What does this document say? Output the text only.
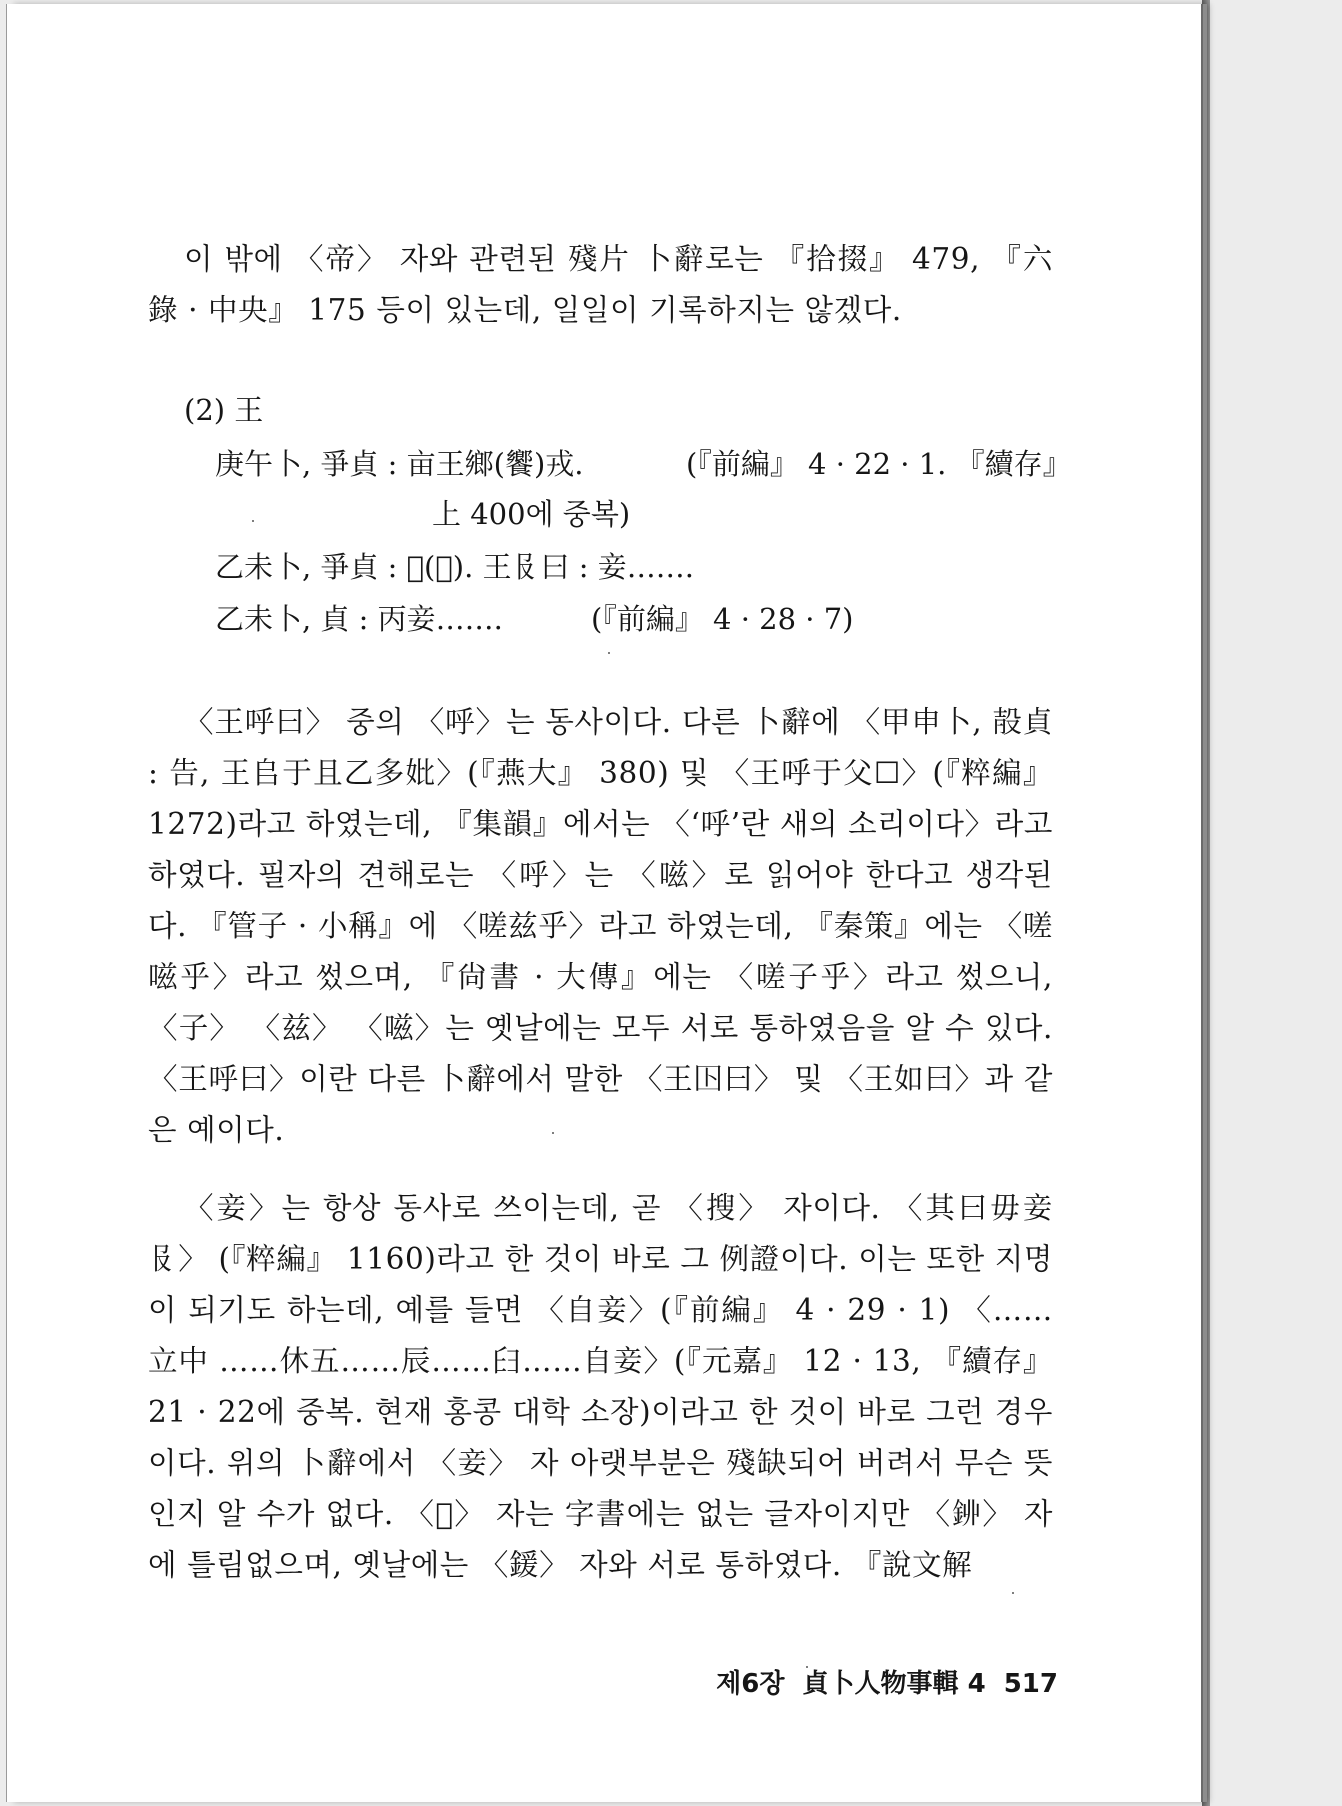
이 밖에 〈帝〉 자와 관련된 殘片 卜辭로는 『拾掇』 479, 『六錄 · 中央』 175 등이 있는데, 일일이 기록하지는 않겠다.

(2) 王

庚午卜, 爭貞 : 亩王鄉(饗)戎.	(『前編』 4 · 22 · 1. 『續存』
上 400에 중복)

乙未卜, 爭貞 : 𢺲(𢺲). 王𠬝曰 : 妾…….

乙未卜, 貞 : 丙妾…….	(『前編』 4 · 28 · 7)

〈王呼曰〉 중의 〈呼〉는 동사이다. 다른 卜辭에 〈甲申卜, 㱿貞 : 告, 王𠂤于且乙多妣〉(『燕大』 380) 및 〈王呼于父☐〉(『粹編』 1272)라고 하였는데, 『集韻』에서는 〈‘呼’란 새의 소리이다〉라고 하였다. 필자의 견해로는 〈呼〉는 〈嗞〉로 읽어야 한다고 생각된다. 『管子 · 小稱』에 〈嗟兹乎〉라고 하였는데, 『秦策』에는 〈嗟嗞乎〉라고 썼으며, 『尙書 · 大傳』에는 〈嗟子乎〉라고 썼으니, 〈子〉 〈兹〉 〈嗞〉는 옛날에는 모두 서로 통하였음을 알 수 있다. 〈王呼曰〉이란 다른 卜辭에서 말한 〈王𡆥曰〉 및 〈王如曰〉과 같은 예이다.

〈妾〉는 항상 동사로 쓰이는데, 곧 〈搜〉 자이다. 〈其曰毋妾𠬝〉 (『粹編』 1160)라고 한 것이 바로 그 例證이다. 이는 또한 지명이 되기도 하는데, 예를 들면 〈自妾〉(『前編』 4 · 29 · 1) 〈……立中 ……休五……辰……𦥑……自妾〉(『元嘉』 12 · 13, 『續存』 21 · 22에 중복. 현재 홍콩 대학 소장)이라고 한 것이 바로 그런 경우이다. 위의 卜辭에서 〈妾〉 자 아랫부분은 殘缺되어 버려서 무슨 뜻인지 알 수가 없다. 〈𢺲〉 자는 字書에는 없는 글자이지만 〈𨥥〉 자에 틀림없으며, 옛날에는 〈鍰〉 자와 서로 통하였다. 『說文解

제6장  貞卜人物事輯 4 517
